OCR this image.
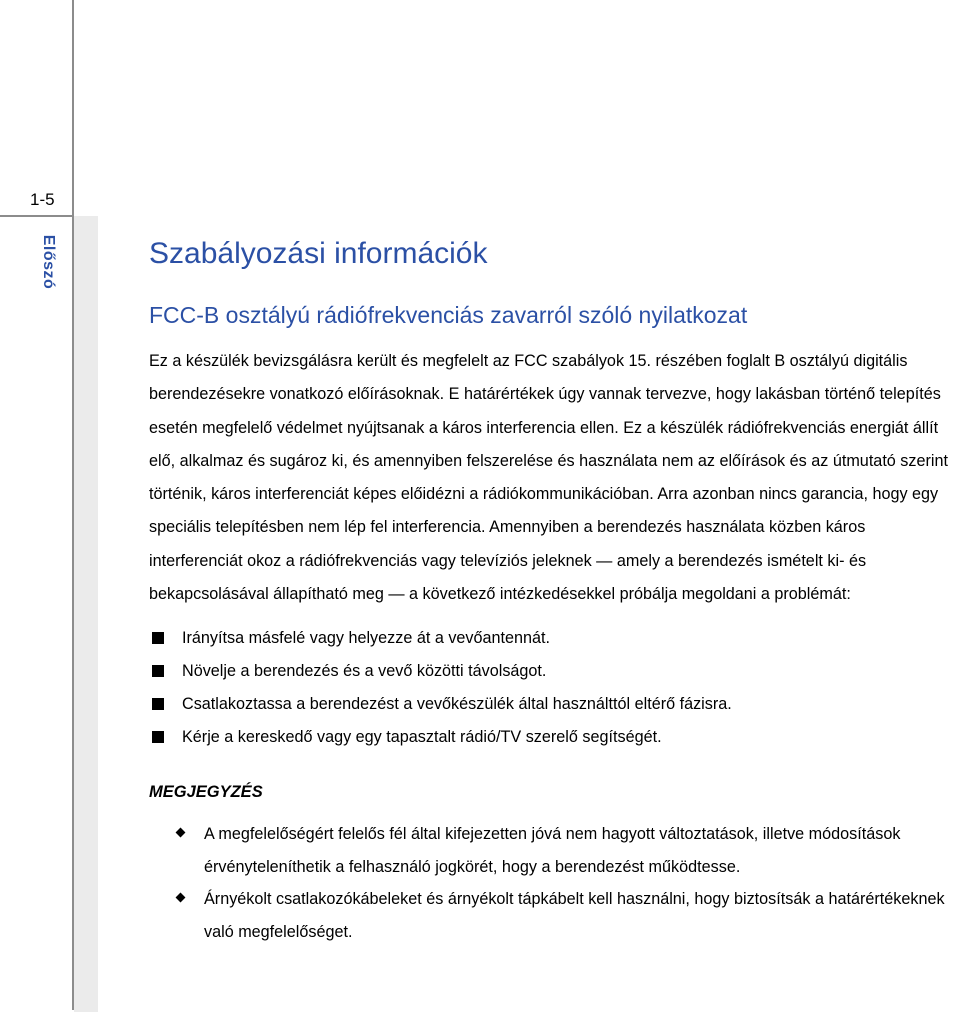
1-5
Előszó	Szabályozási információk
FCC-B osztályú rádiófrekvenciás zavarról szóló nyilatkozat

Ez a készülék bevizsgálásra került és megfelelt az FCC szabályok 15. részében foglalt B osztályú digitális berendezésekre vonatkozó előírásoknak. E határértékek úgy vannak tervezve, hogy lakásban történő telepítés esetén megfelelő védelmet nyújtsanak a káros interferencia ellen. Ez a készülék rádiófrekvenciás energiát állít elő, alkalmaz és sugároz ki, és amennyiben felszerelése és használata nem az előírások és az útmutató szerint történik, káros interferenciát képes előidézni a rádiókommunikációban. Arra azonban nincs garancia, hogy egy speciális telepítésben nem lép fel interferencia. Amennyiben a berendezés használata közben káros interferenciát okoz a rádiófrekvenciás vagy televíziós jeleknek — amely a berendezés ismételt ki- és bekapcsolásával állapítható meg — a következő intézkedésekkel próbálja megoldani a problémát:

Irányítsa másfelé vagy helyezze át a vevőantennát.
Növelje a berendezés és a vevő közötti távolságot.
Csatlakoztassa a berendezést a vevőkészülék által használttól eltérő fázisra.
Kérje a kereskedő vagy egy tapasztalt rádió/TV szerelő segítségét.
MEGJEGYZÉS
A megfelelőségért felelős fél által kifejezetten jóvá nem hagyott változtatások, illetve módosítások érvényteleníthetik a felhasználó jogkörét, hogy a berendezést működtesse.
Árnyékolt csatlakozókábeleket és árnyékolt tápkábelt kell használni, hogy biztosítsák a határértékeknek való megfelelőséget.
